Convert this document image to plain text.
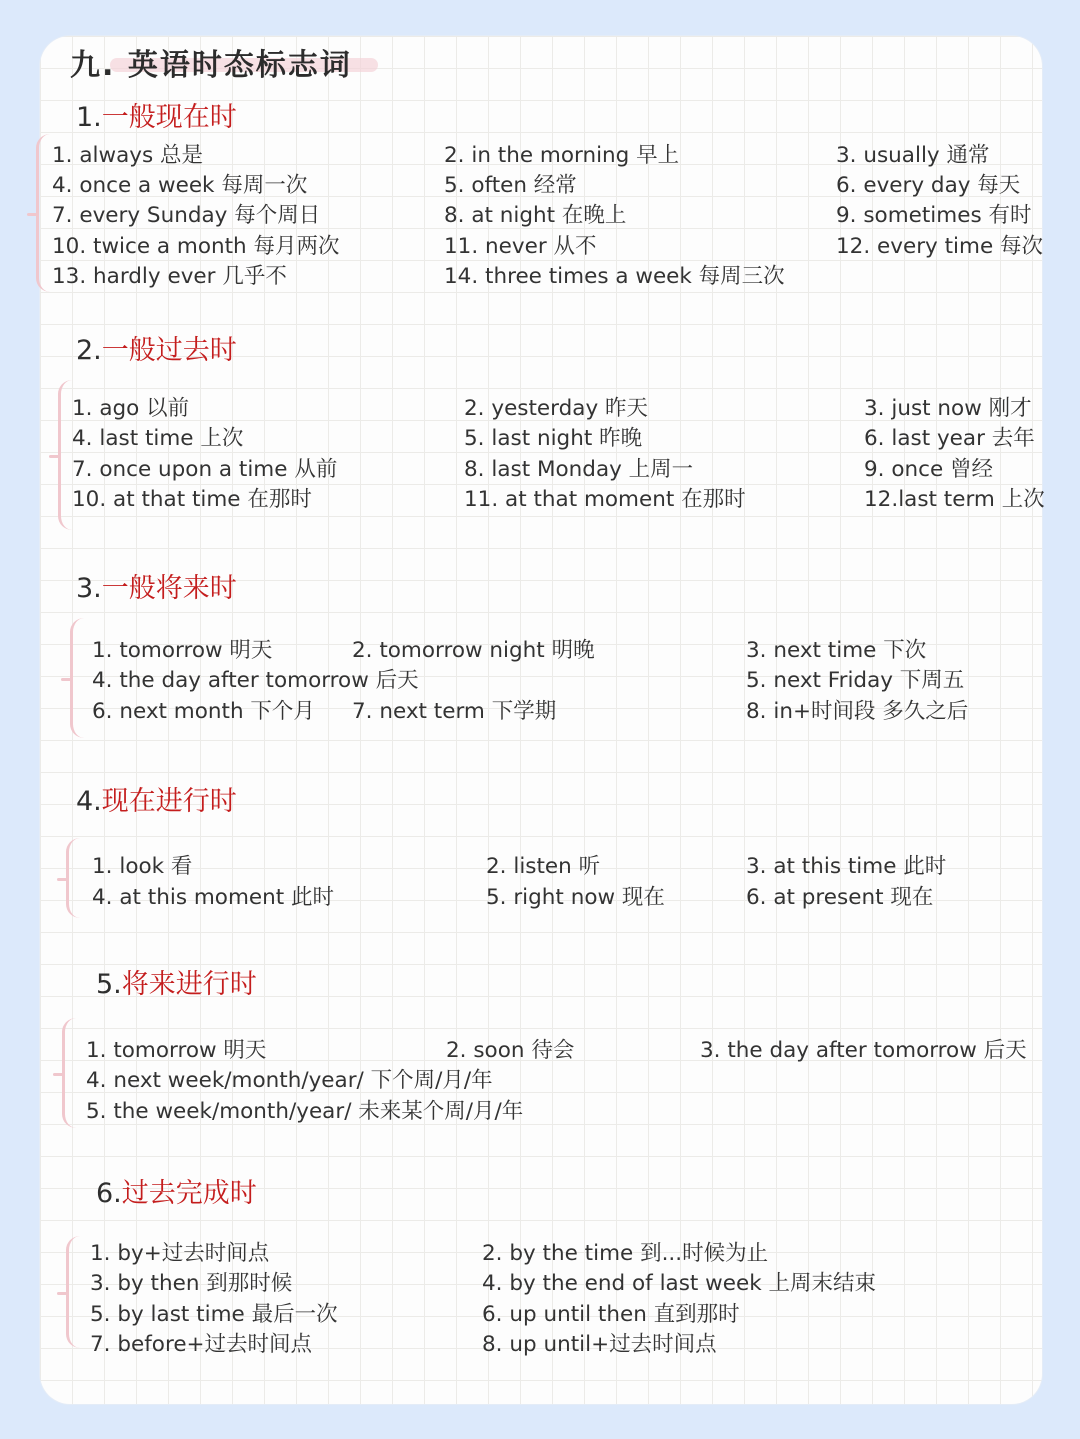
九. 英语时态标志词
1.一般现在时
1. always 总是	2. in the morning 早上	3. usually 通常
4. once a week 每周一次	5. often 经常	6. every day 每天
7. every Sunday 每个周日	8. at night 在晚上	9. sometimes 有时
10. twice a month 每月两次	11. never 从不	12. every time 每次
13. hardly ever 几乎不	14. three times a week 每周三次
2.一般过去时
1. ago 以前	2. yesterday 昨天	3. just now 刚才
4. last time 上次	5. last night 昨晚	6. last year 去年
7. once upon a time 从前	8. last Monday 上周一	9. once 曾经
10. at that time 在那时	11. at that moment 在那时	12.last term 上次
3.一般将来时
1. tomorrow 明天	2. tomorrow night 明晚	3. next time 下次
4. the day after tomorrow 后天	5. next Friday 下周五
6. next month 下个月 7. next term 下学期	8. in+时间段 多久之后
4.现在进行时
1. look 看	2. listen 听	3. at this time 此时
4. at this moment 此时	5. right now 现在	6. at present 现在
5.将来进行时
1. tomorrow 明天	2. soon 待会	3. the day after tomorrow 后天
4. next week/month/year/ 下个周/月/年
5. the week/month/year/ 未来某个周/月/年
6.过去完成时
1. by+过去时间点	2. by the time 到...时候为止
3. by then 到那时候	4. by the end of last week 上周末结束
5. by last time 最后一次	6. up until then 直到那时
7. before+过去时间点	8. up until+过去时间点
